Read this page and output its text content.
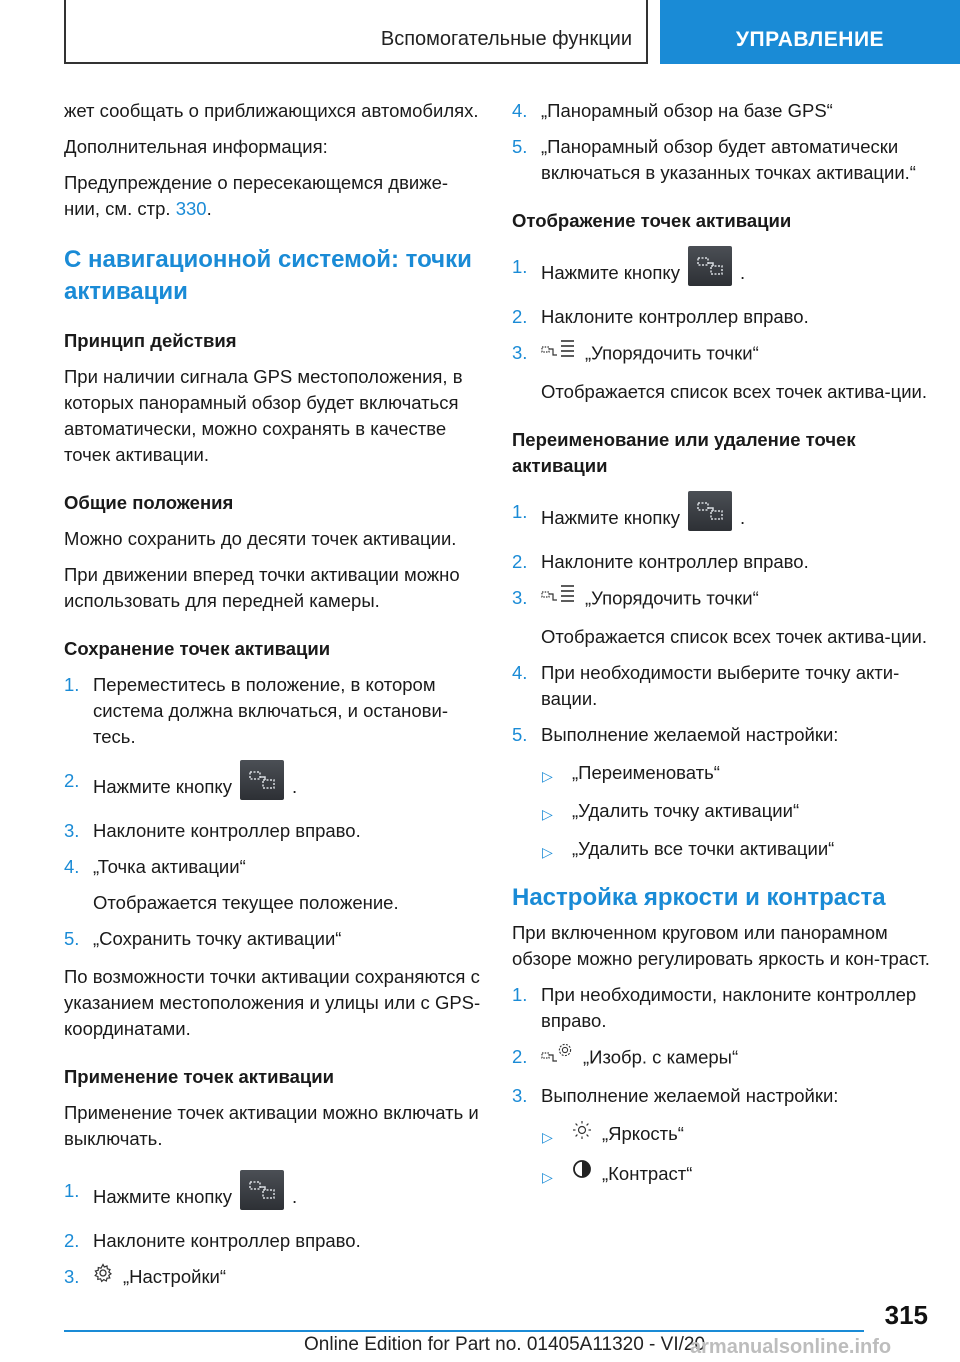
Вспомогательные функции	УПРАВЛЕНИЕ

жет сообщать о приближающихся автомобилях.

Дополнительная информация:

Предупреждение о пересекающемся движе-нии, см. стр. 330.

С навигационной системой: точки активации
Принцип действия

При наличии сигнала GPS местоположения, в которых панорамный обзор будет включаться автоматически, можно сохранять в качестве точек активации.

Общие положения

Можно сохранить до десяти точек активации.

При движении вперед точки активации можно использовать для передней камеры.

Сохранение точек активации
1. Переместитесь в положение, в котором система должна включаться, и останови-тесь.
2. Нажмите кнопку	.
3. Наклоните контроллер вправо.
4. „Точка активации“
Отображается текущее положение.
5. „Сохранить точку активации“

По возможности точки активации сохраняются с указанием местоположения и улицы или с GPS-координатами.

Применение точек активации

Применение точек активации можно включать и выключать.

1. Нажмите кнопку	.
2. Наклоните контроллер вправо.
3. „Настройки“
4. „Панорамный обзор на базе GPS“
5. „Панорамный обзор будет автоматически включаться в указанных точках активации.“
Отображение точек активации
1. Нажмите кнопку	.
2. Наклоните контроллер вправо.
3.	„Упорядочить точки“
Отображается список всех точек актива-ции.
Переименование или удаление точек активации
1. Нажмите кнопку	.
2. Наклоните контроллер вправо.
3.	„Упорядочить точки“
Отображается список всех точек актива-ции.
4. При необходимости выберите точку акти-вации.
5. Выполнение желаемой настройки:
▷ „Переименовать“
▷ „Удалить точку активации“
▷ „Удалить все точки активации“
Настройка яркости и контраста

При включенном круговом или панорамном обзоре можно регулировать яркость и кон-траст.

1. При необходимости, наклоните контроллер вправо.
2.	„Изобр. с камеры“
3. Выполнение желаемой настройки:
▷	„Яркость“
▷	„Контраст“
315
Online Edition for Part no. 01405A11320 - VI/20
armanualsonline.info
